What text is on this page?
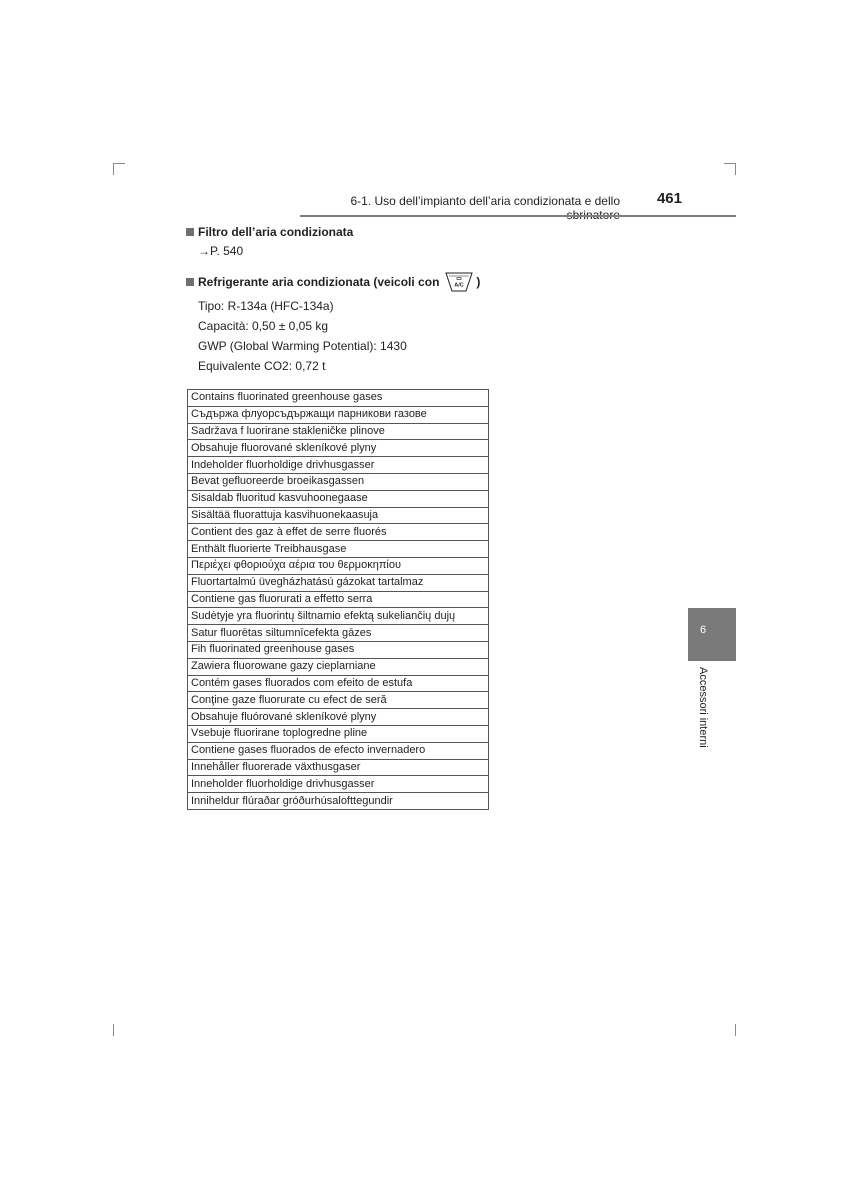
6-1. Uso dell’impianto dell’aria condizionata e dello	461
Filtro dell’aria condizionata
→P. 540
Refrigerante aria condizionata (veicoli con	A/C )
Tipo: R-134a (HFC-134a)
Capacità: 0,50 ± 0,05 kg
GWP (Global Warming Potential): 1430
Equivalente CO2: 0,72 t
Contains fluorinated greenhouse gases
Съдържа флуорсъдържащи парникови газове
Sadržava f luorirane stakleničke plinove
Obsahuje fluorované skleníkové plyny
Indeholder fluorholdige drivhusgasser
Bevat gefluoreerde broeikasgassen
Sisaldab fluoritud kasvuhoonegaase
Sisältää fluorattuja kasvihuonekaasuja
Contient des gaz à effet de serre fluorés
Enthält fluorierte Treibhausgase
Περιέχει φθοριούχα αέρια του θερμοκηπίου
Fluortartalmú üvegházhatású gázokat tartalmaz
Contiene gas fluorurati a effetto serra
Sudėtyje yra fluorintų šiltnamio efektą sukeliančių dujų
Satur fluorētas siltumnīcefekta gāzes
Fih fluorinated greenhouse gases
Zawiera fluorowane gazy cieplarniane
Contém gases fluorados com efeito de estufa
Conţine gaze fluorurate cu efect de seră
Obsahuje fluórované skleníkové plyny
Vsebuje fluorirane toplogredne pline
Contiene gases fluorados de efecto invernadero
Innehåller fluorerade växthusgaser
Inneholder fluorholdige drivhusgasser
Inniheldur flúraðar gróðurhúsalofttegundir
6
Accessori interni
